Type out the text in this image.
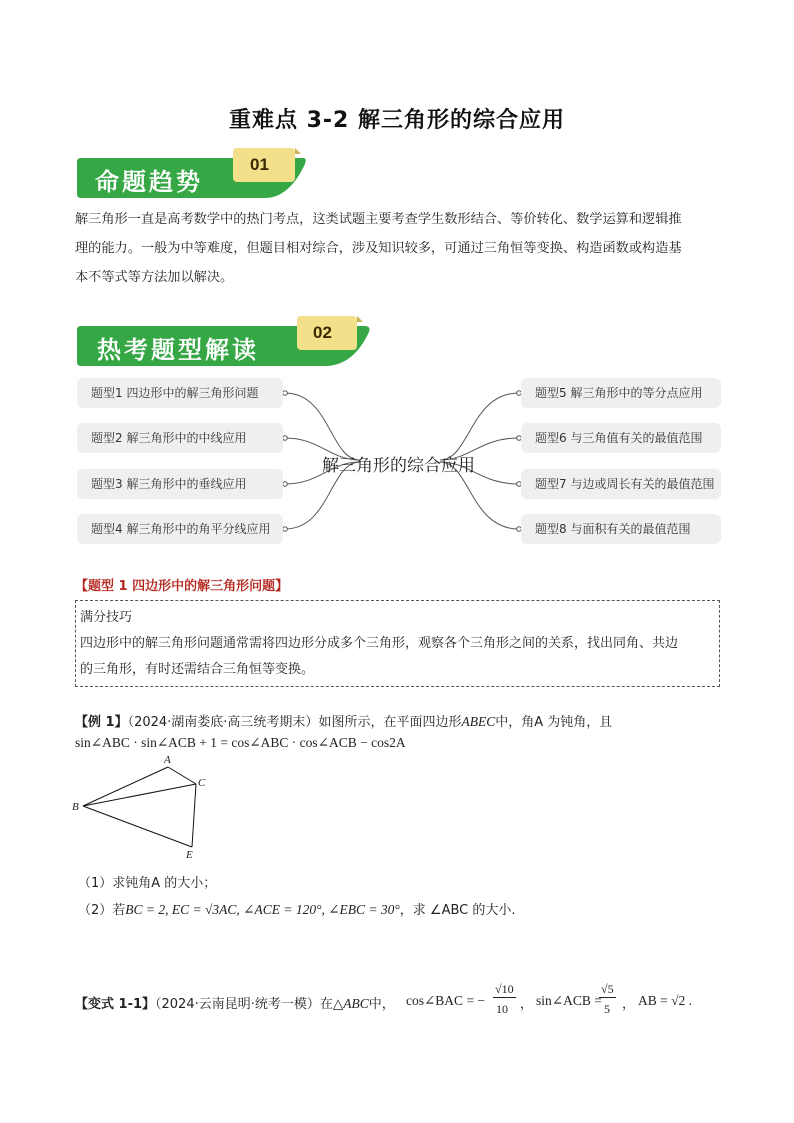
重难点 3-2 解三角形的综合应用
命题趋势
01
解三角形一直是高考数学中的热门考点，这类试题主要考查学生数形结合、等价转化、数学运算和逻辑推
理的能力。一般为中等难度，但题目相对综合，涉及知识较多，可通过三角恒等变换、构造函数或构造基
本不等式等方法加以解决。
热考题型解读
02
题型1 四边形中的解三角形问题
题型2 解三角形中的中线应用
题型3 解三角形中的垂线应用
题型4 解三角形中的角平分线应用
解三角形的综合应用
题型5 解三角形中的等分点应用
题型6 与三角值有关的最值范围
题型7 与边或周长有关的最值范围
题型8 与面积有关的最值范围
【题型 1 四边形中的解三角形问题】
满分技巧
四边形中的解三角形问题通常需将四边形分成多个三角形，观察各个三角形之间的关系，找出同角、共边
的三角形，有时还需结合三角恒等变换。
【例 1】（2024·湖南娄底·高三统考期末）如图所示，在平面四边形ABEC中，角A 为钝角，且
sin∠ABC · sin∠ACB + 1 = cos∠ABC · cos∠ACB − cos2A
A
B
C
E
（1）求钝角A 的大小；
（2）若BC = 2, EC = √3AC, ∠ACE = 120°, ∠EBC = 30°，求 ∠ABC 的大小.
【变式 1-1】（2024·云南昆明·统考一模）在△ABC中， cos∠BAC = −
√10
10 ， sin∠ACB =
√5
5 ， AB = √2 .
